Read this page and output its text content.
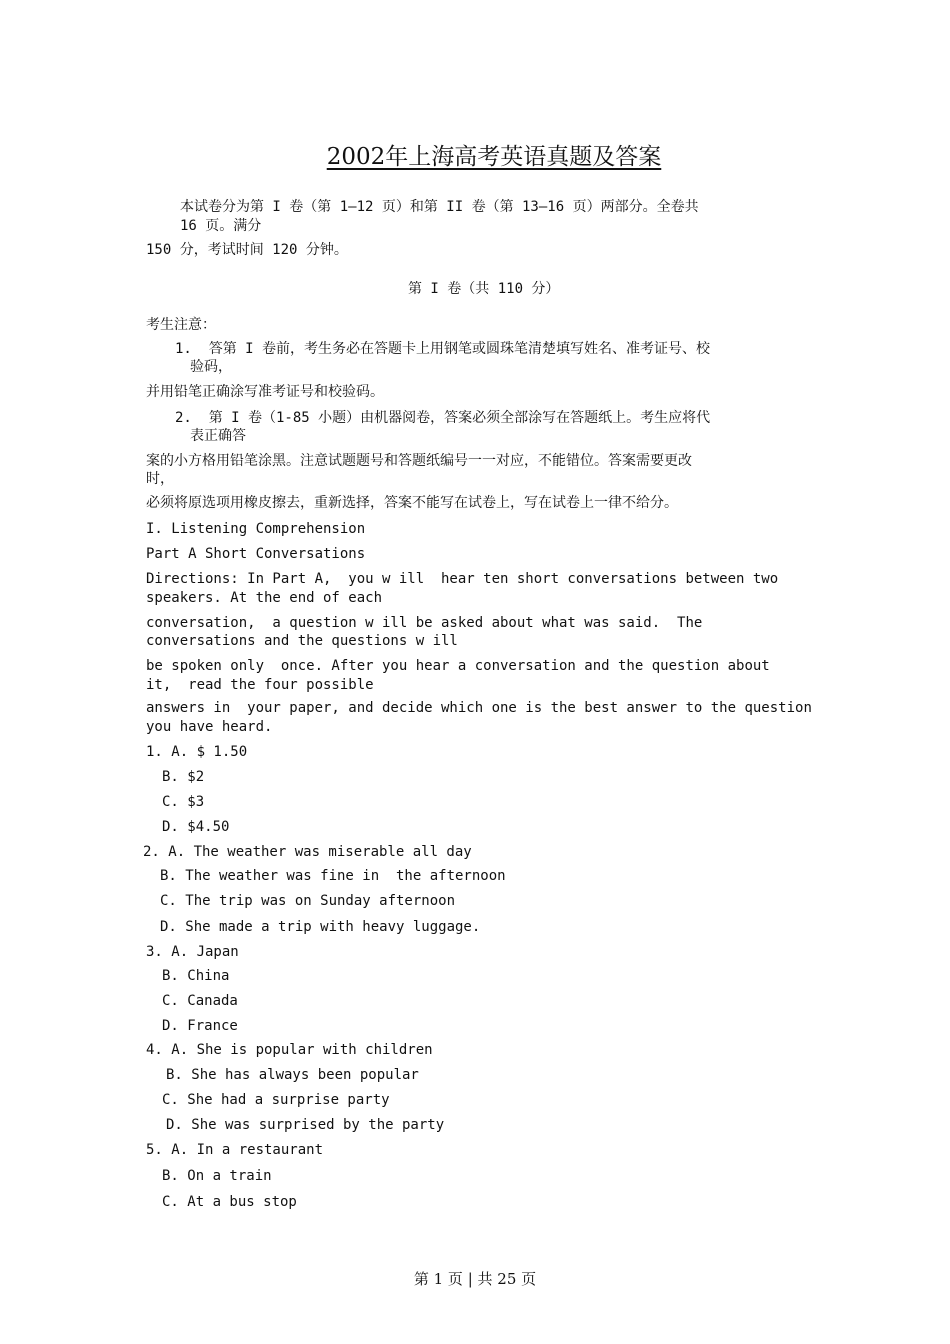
2002年上海高考英语真题及答案
本试卷分为第 I 卷（第 1—12 页）和第 II 卷（第 13—16 页）两部分。全卷共
16 页。满分
150 分，考试时间 120 分钟。
第 I 卷（共 110 分）
考生注意：
1.  答第 I 卷前，考生务必在答题卡上用钢笔或圆珠笔清楚填写姓名、准考证号、校
验码，
并用铅笔正确涂写准考证号和校验码。
2.  第 I 卷（1-85 小题）由机器阅卷，答案必须全部涂写在答题纸上。考生应将代
表正确答
案的小方格用铅笔涂黑。注意试题题号和答题纸编号一一对应，不能错位。答案需要更改
时，
必须将原选项用橡皮擦去，重新选择，答案不能写在试卷上，写在试卷上一律不给分。
I. Listening Comprehension
Part A Short Conversations
Directions: In Part A,  you w ill  hear ten short conversations between two
speakers. At the end of each
conversation,  a question w ill be asked about what was said.  The
conversations and the questions w ill
be spoken only  once. After you hear a conversation and the question about
it,  read the four possible
answers in  your paper, and decide which one is the best answer to the question
you have heard.
1. A. $ 1.50
B. $2
C. $3
D. $4.50
2. A. The weather was miserable all day
B. The weather was fine in  the afternoon
C. The trip was on Sunday afternoon
D. She made a trip with heavy luggage.
3. A. Japan
B. China
C. Canada
D. France
4. A. She is popular with children
B. She has always been popular
C. She had a surprise party
D. She was surprised by the party
5. A. In a restaurant
B. On a train
C. At a bus stop
第 1 页 | 共 25 页
